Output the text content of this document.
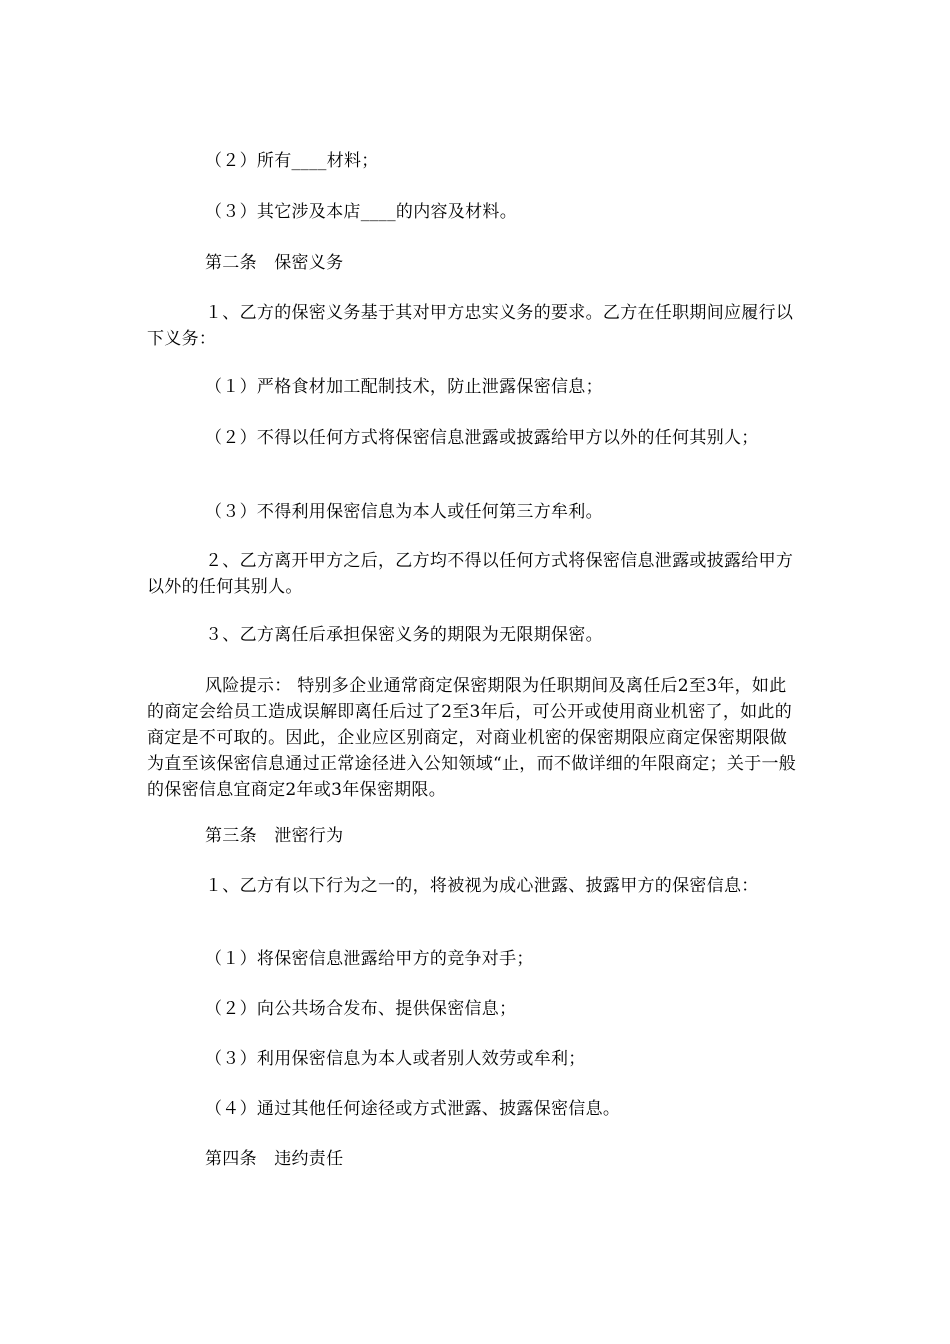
（２）所有____材料；

（３）其它涉及本店____的内容及材料。

第二条　保密义务

１、乙方的保密义务基于其对甲方忠实义务的要求。乙方在任职期间应履行以下义务：

（１）严格食材加工配制技术，防止泄露保密信息；

（２）不得以任何方式将保密信息泄露或披露给甲方以外的任何其别人；

（３）不得利用保密信息为本人或任何第三方牟利。

２、乙方离开甲方之后，乙方均不得以任何方式将保密信息泄露或披露给甲方以外的任何其别人。

３、乙方离任后承担保密义务的期限为无限期保密。

风险提示： 特别多企业通常商定保密期限为任职期间及离任后2至3年，如此的商定会给员工造成误解即离任后过了2至3年后，可公开或使用商业机密了，如此的商定是不可取的。因此，企业应区别商定，对商业机密的保密期限应商定保密期限做为直至该保密信息通过正常途径进入公知领域“止，而不做详细的年限商定；关于一般的保密信息宜商定2年或3年保密期限。

第三条　泄密行为

１、乙方有以下行为之一的，将被视为成心泄露、披露甲方的保密信息：

（１）将保密信息泄露给甲方的竞争对手；

（２）向公共场合发布、提供保密信息；

（３）利用保密信息为本人或者别人效劳或牟利；

（４）通过其他任何途径或方式泄露、披露保密信息。

第四条　违约责任
